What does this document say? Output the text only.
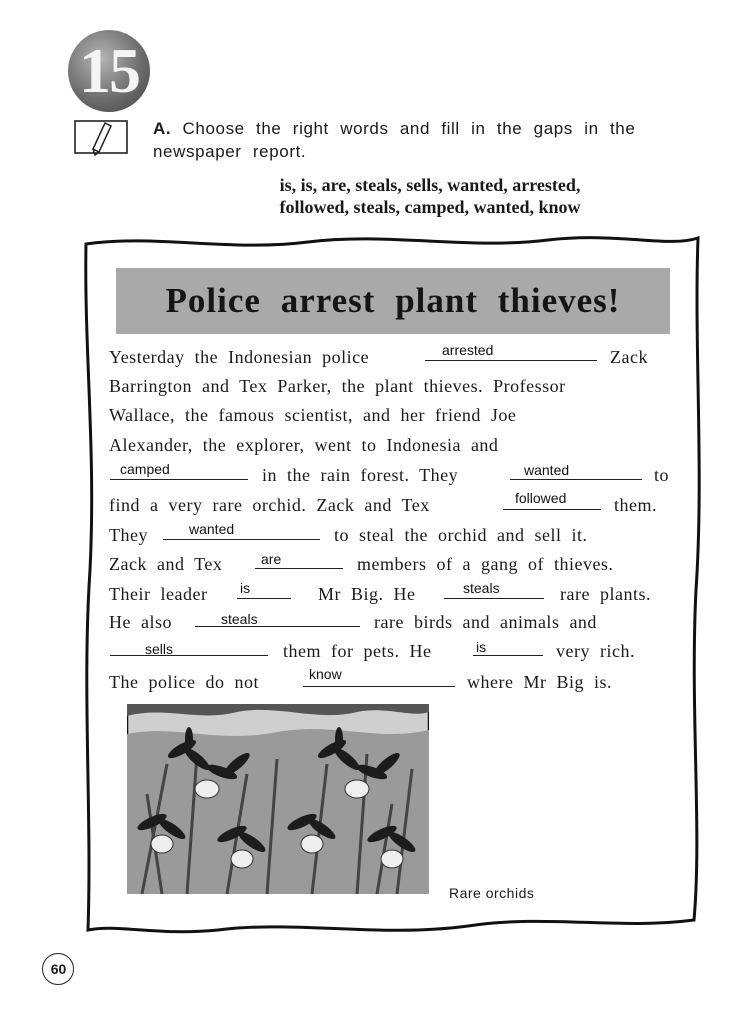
15
A. Choose the right words and fill in the gaps in the
newspaper report.
is, is, are, steals, sells, wanted, arrested,
followed, steals, camped, wanted, know
Police arrest plant thieves!
Yesterday the Indonesian police	Zack
Barrington and Tex Parker, the plant thieves. Professor
Wallace, the famous scientist, and her friend Joe
Alexander, the explorer, went to Indonesia and
in the rain forest. They	to
find a very rare orchid. Zack and Tex	them.
They	to steal the orchid and sell it.
Zack and Tex	members of a gang of thieves.
Their leader	Mr Big. He	rare plants.
He also	rare birds and animals and
them for pets. He	very rich.
The police do not	where Mr Big is.
arrested
camped	wanted
followed
wanted
are
is	steals
steals
sells	is
know
Rare orchids
60
